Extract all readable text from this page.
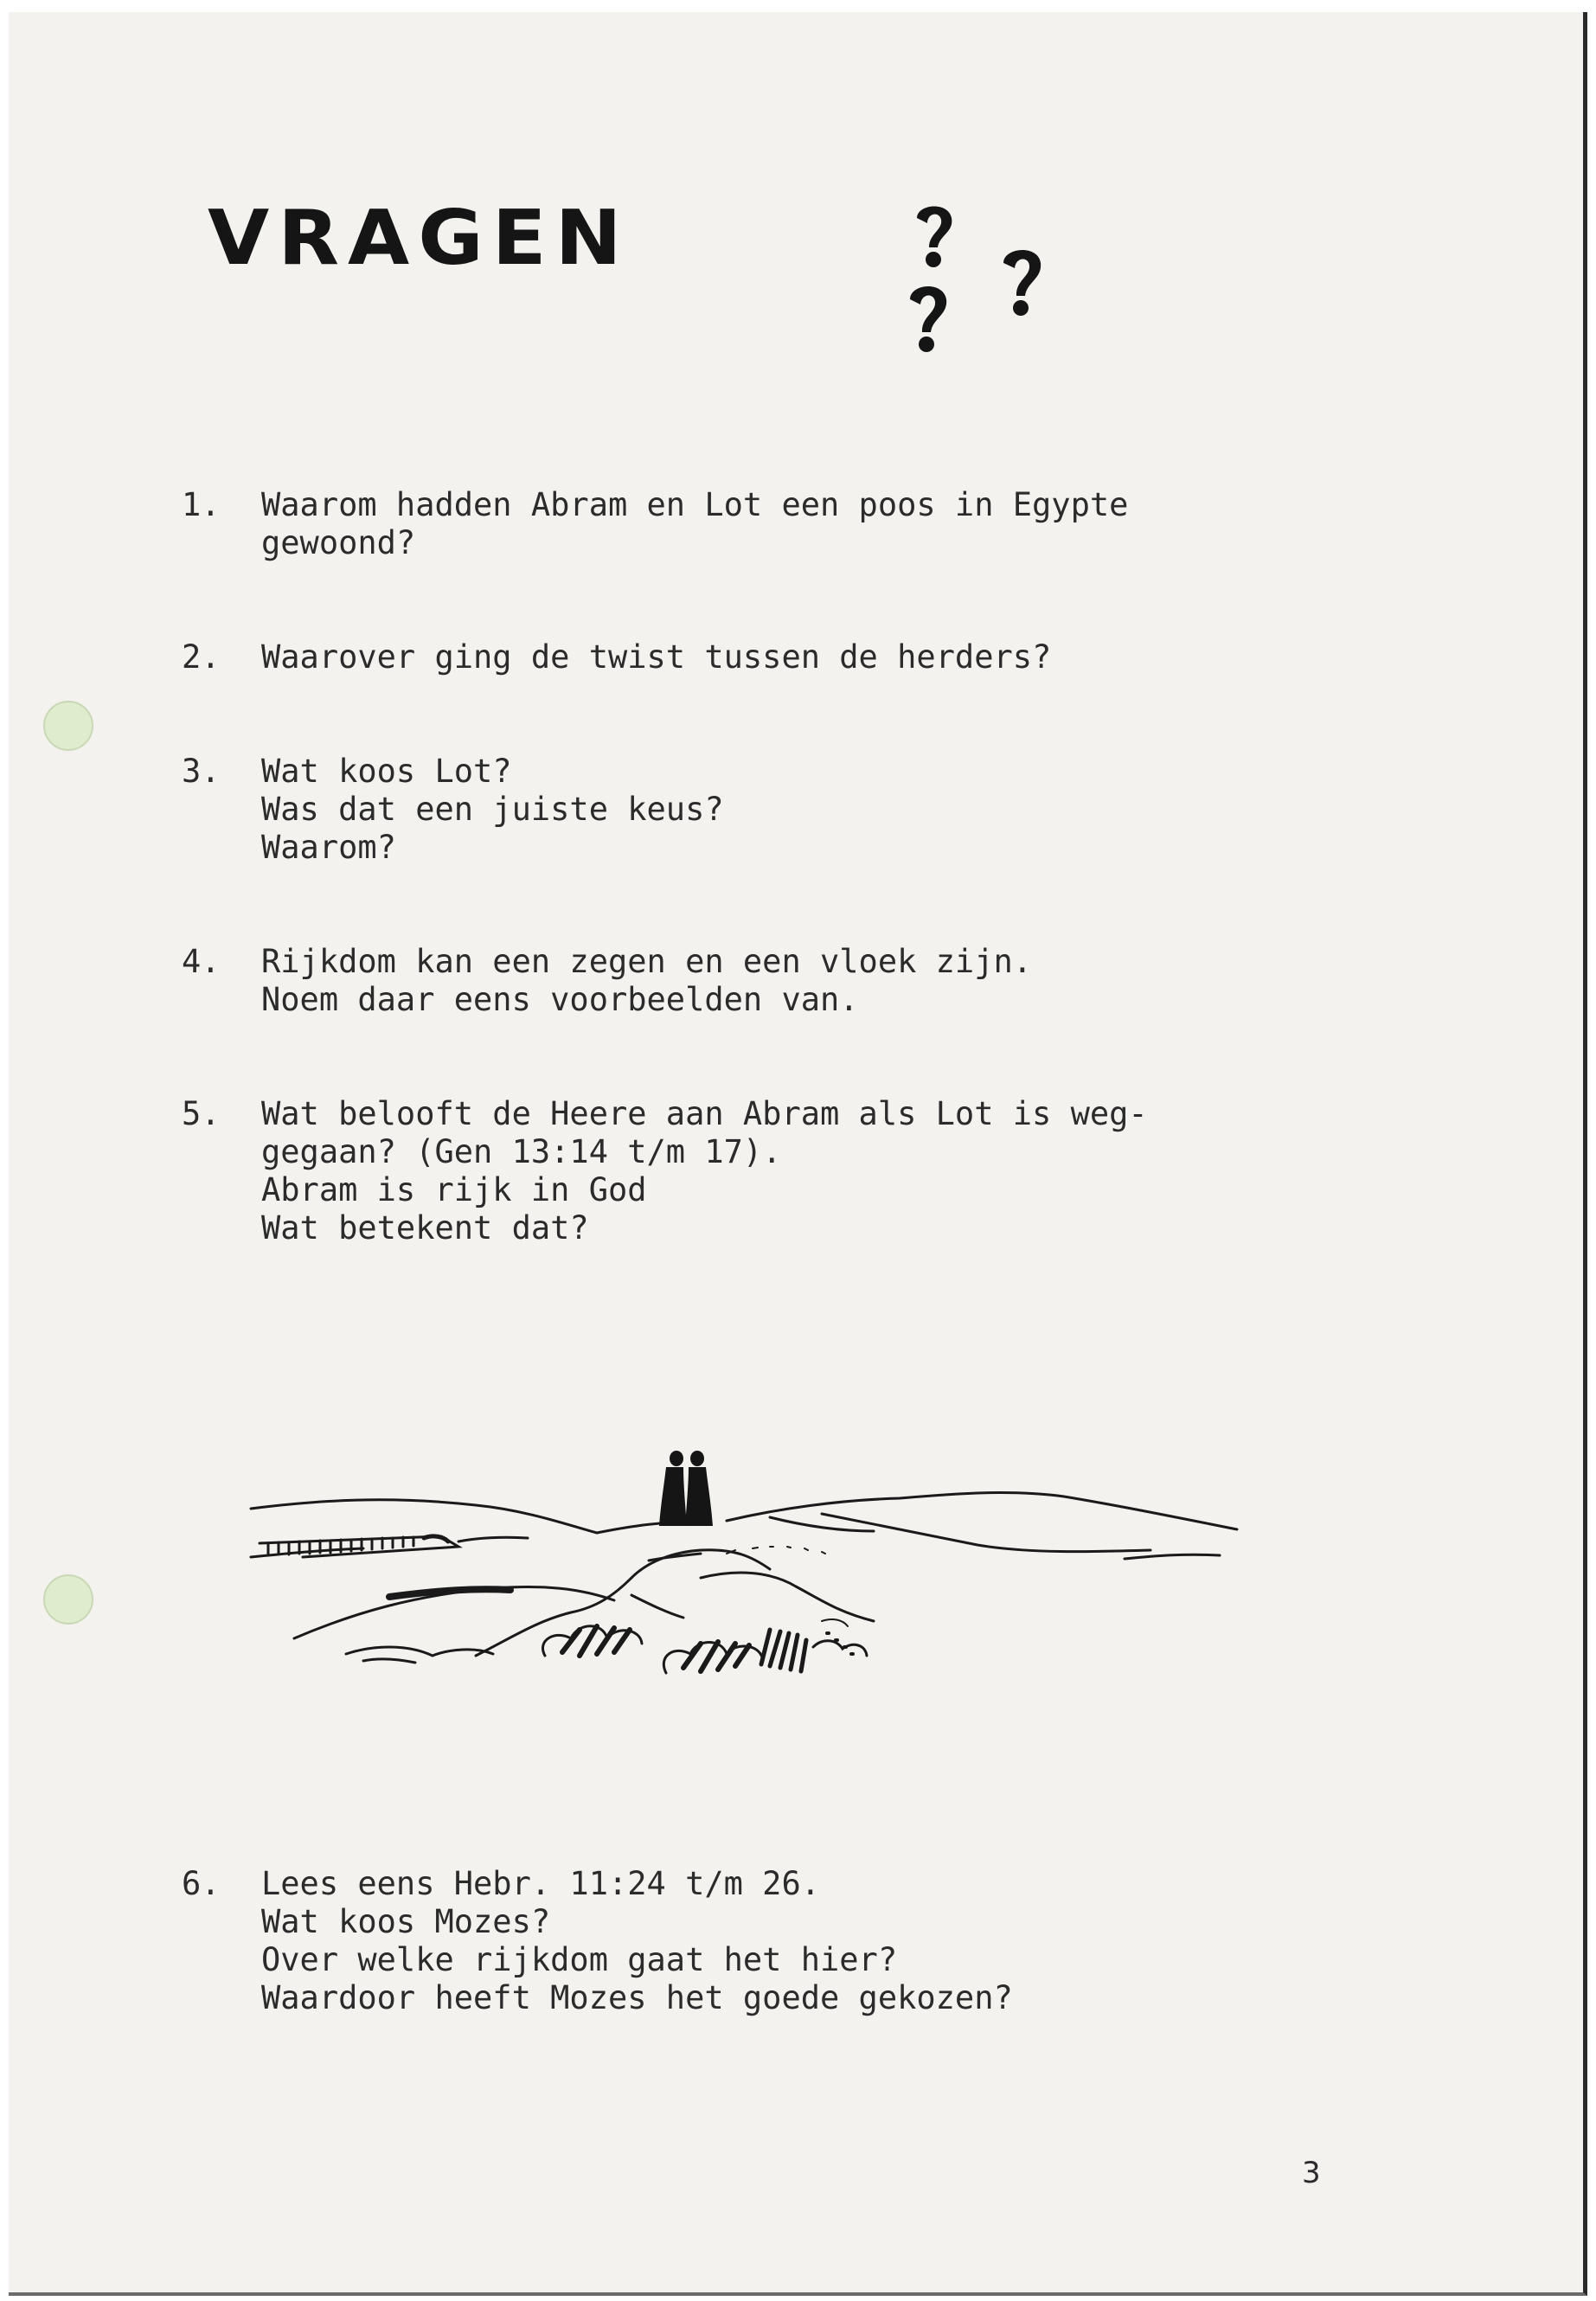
VRAGEN
1.	Waarom hadden Abram en Lot een poos in Egypte
gewoond?
2.	Waarover ging de twist tussen de herders?
3.	Wat koos Lot?
Was dat een juiste keus?
Waarom?
4.	Rijkdom kan een zegen en een vloek zijn.
Noem daar eens voorbeelden van.
5.	Wat belooft de Heere aan Abram als Lot is weg-
gegaan? (Gen 13:14 t/m 17).
Abram is rijk in God
Wat betekent dat?
6.	Lees eens Hebr. 11:24 t/m 26.
Wat koos Mozes?
Over welke rijkdom gaat het hier?
Waardoor heeft Mozes het goede gekozen?
3
